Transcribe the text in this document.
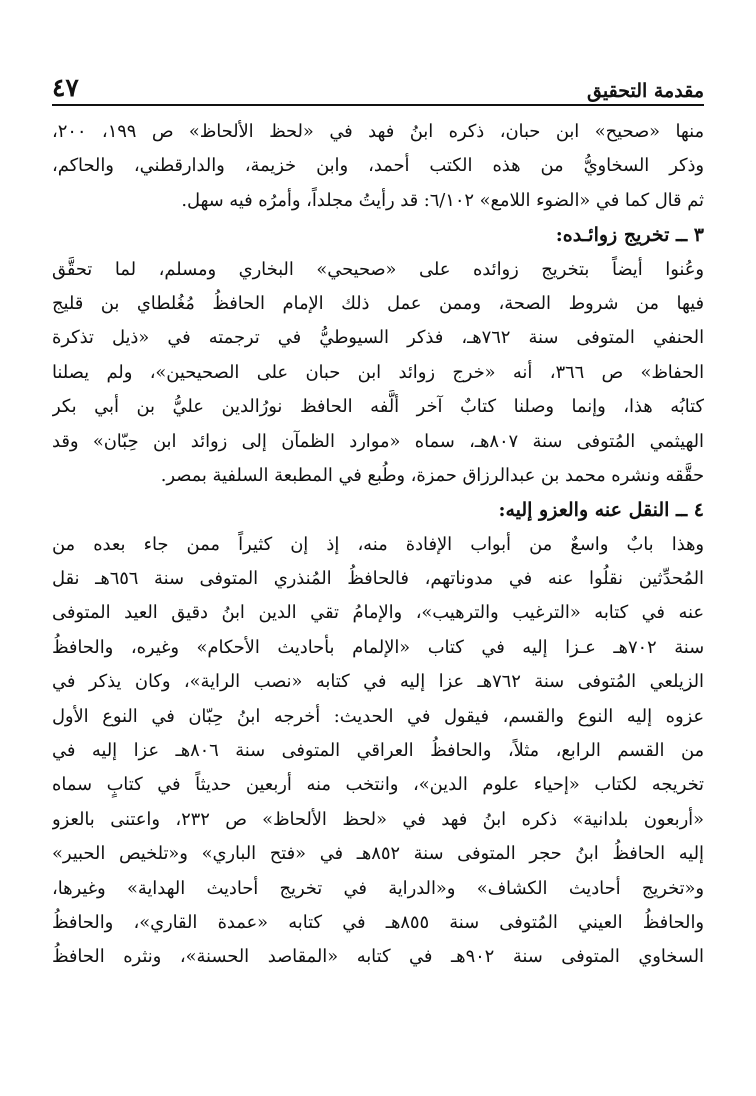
مقدمة التحقيق
٤٧
منها «صحيح» ابن حبان، ذكره ابنُ فهد في «لحظ الألحاظ» ص ١٩٩، ٢٠٠،
وذكر السخاويُّ من هذه الكتب أحمد، وابن خزيمة، والدارقطني، والحاكم،
ثم قال كما في «الضوء اللامع» ٦/١٠٢: قد رأيتُ مجلداً، وأمرُه فيه سهل.
٣ ــ تخريج زوائـده:
وعُنوا أيضاً بتخريج زوائده على «صحيحي» البخاري ومسلم، لما تحقَّق
فيها من شروط الصحة، وممن عمل ذلك الإمام الحافظُ مُغُلطاي بن قليج
الحنفي المتوفى سنة ٧٦٢هـ، فذكر السيوطيُّ في ترجمته في «ذيل تذكرة
الحفاظ» ص ٣٦٦، أنه «خرج زوائد ابن حبان على الصحيحين»، ولم يصلنا
كتابُه هذا، وإنما وصلنا كتابٌ آخر ألَّفه الحافظ نورُالدين عليُّ بن أبي بكر
الهيثمي المُتوفى سنة ٨٠٧هـ، سماه «موارد الظمآن إلى زوائد ابن حِبّان» وقد
حقَّقه ونشره محمد بن عبدالرزاق حمزة، وطُبع في المطبعة السلفية بمصر.
٤ ــ النقل عنه والعزو إليه:
وهذا بابٌ واسعٌ من أبواب الإفادة منه، إذ إن كثيراً ممن جاء بعده من
المُحدِّثين نقلُوا عنه في مدوناتهم، فالحافظُ المُنذري المتوفى سنة ٦٥٦هـ نقل
عنه في كتابه «الترغيب والترهيب»، والإمامُ تقي الدين ابنُ دقيق العيد المتوفى
سنة ٧٠٢هـ عـزا إليه في كتاب «الإلمام بأحاديث الأحكام» وغيره، والحافظُ
الزيلعي المُتوفى سنة ٧٦٢هـ عزا إليه في كتابه «نصب الراية»، وكان يذكر في
عزوه إليه النوع والقسم، فيقول في الحديث: أخرجه ابنُ حِبّان في النوع الأول
من القسم الرابع، مثلاً، والحافظُ العراقي المتوفى سنة ٨٠٦هـ عزا إليه في
تخريجه لكتاب «إحياء علوم الدين»، وانتخب منه أربعين حديثاً في كتابٍ سماه
«أربعون بلدانية» ذكره ابنُ فهد في «لحظ الألحاظ» ص ٢٣٢، واعتنى بالعزو
إليه الحافظُ ابنُ حجر المتوفى سنة ٨٥٢هـ في «فتح الباري» و«تلخيص الحبير»
و«تخريج أحاديث الكشاف» و«الدراية في تخريج أحاديث الهداية» وغيرها،
والحافظُ العيني المُتوفى سنة ٨٥٥هـ في كتابه «عمدة القاري»، والحافظُ
السخاوي المتوفى سنة ٩٠٢هـ في كتابه «المقاصد الحسنة»، ونثره الحافظُ
